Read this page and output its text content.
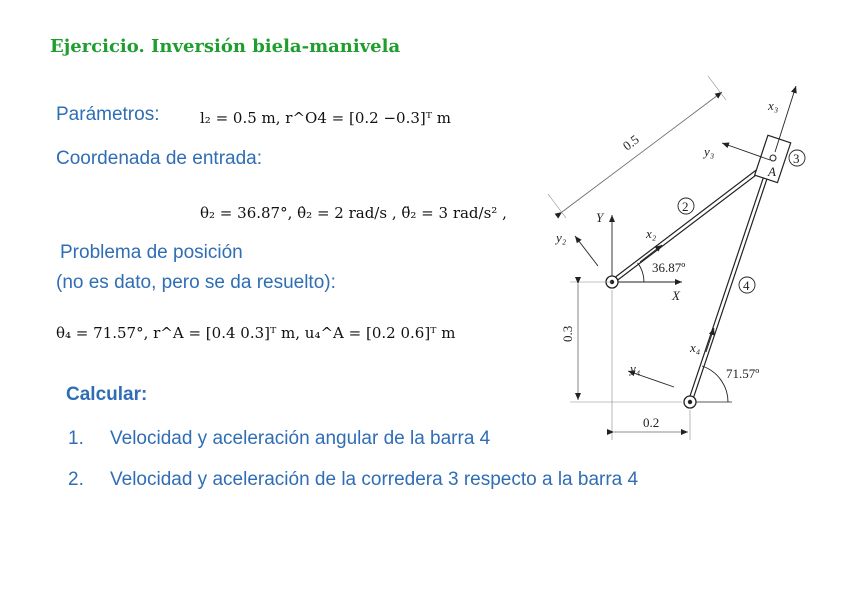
Ejercicio. Inversión biela-manivela
Parámetros:	l₂ = 0.5 m, r^O4 = [0.2 −0.3]ᵀ m
Coordenada de entrada:
θ₂ = 36.87°, θ̇₂ = 2 rad/s , θ̈₂ = 3 rad/s² ,
Problema de posición
(no es dato, pero se da resuelto):
θ₄ = 71.57°, r^A = [0.4 0.3]ᵀ m, u₄^A = [0.2 0.6]ᵀ m
Calcular:
1. Velocidad y aceleración angular de la barra 4
2. Velocidad y aceleración de la corredera 3 respecto a la barra 4
0.5
Y
X
A
x₃
y₃
x₂
y₂
36.87º
x₄
y₄	71.57º
0.3
0.2
2
3
4
